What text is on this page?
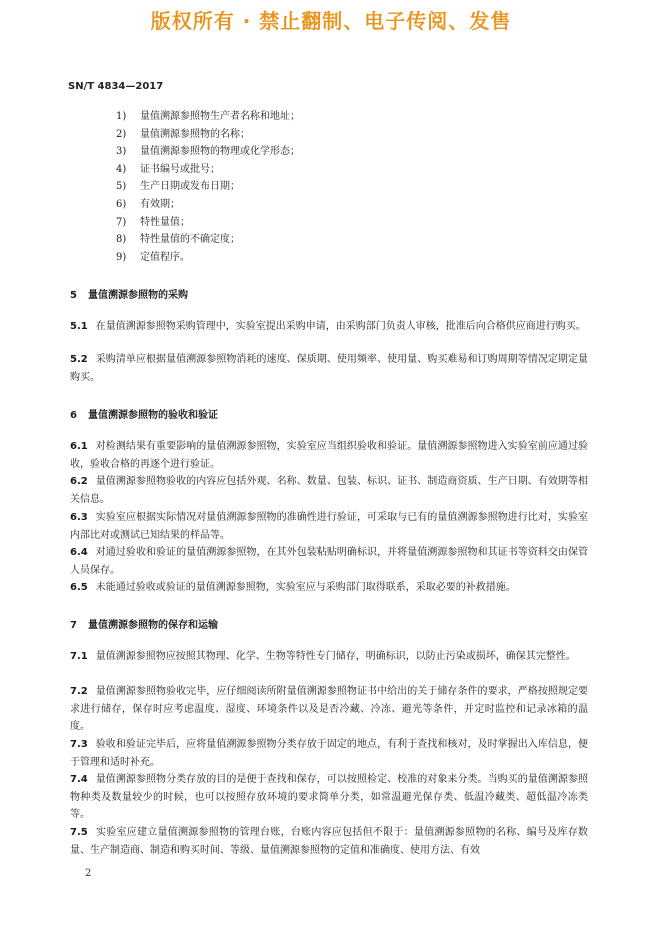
版权所有 · 禁止翻制、电子传阅、发售
SN/T 4834—2017
1)	量值溯源参照物生产者名称和地址；
2)	量值溯源参照物的名称；
3)	量值溯源参照物的物理或化学形态；
4)	证书编号或批号；
5)	生产日期或发布日期；
6)	有效期；
7)	特性量值；
8)	特性量值的不确定度；
9)	定值程序。
5 量值溯源参照物的采购
5.1 在量值溯源参照物采购管理中，实验室提出采购申请，由采购部门负责人审核，批准后向合格供应商进行购买。
5.2 采购清单应根据量值溯源参照物消耗的速度、保质期、使用频率、使用量、购买难易和订购周期等情况定期定量购买。
6 量值溯源参照物的验收和验证
6.1 对检测结果有重要影响的量值溯源参照物，实验室应当组织验收和验证。量值溯源参照物进入实验室前应通过验收，验收合格的再逐个进行验证。
6.2 量值溯源参照物验收的内容应包括外观、名称、数量、包装、标识、证书、制造商资质、生产日期、有效期等相关信息。
6.3 实验室应根据实际情况对量值溯源参照物的准确性进行验证，可采取与已有的量值溯源参照物进行比对，实验室内部比对或测试已知结果的样品等。
6.4 对通过验收和验证的量值溯源参照物，在其外包装粘贴明确标识，并将量值溯源参照物和其证书等资料交由保管人员保存。
6.5 未能通过验收或验证的量值溯源参照物，实验室应与采购部门取得联系，采取必要的补救措施。
7 量值溯源参照物的保存和运输
7.1 量值溯源参照物应按照其物理、化学、生物等特性专门储存，明确标识，以防止污染或损坏，确保其完整性。
7.2 量值溯源参照物验收完毕，应仔细阅读所附量值溯源参照物证书中给出的关于储存条件的要求，严格按照规定要求进行储存，保存时应考虑温度、湿度、环境条件以及是否冷藏、冷冻、避光等条件，并定时监控和记录冰箱的温度。
7.3 验收和验证完毕后，应将量值溯源参照物分类存放于固定的地点，有利于查找和核对，及时掌握出入库信息，便于管理和适时补充。
7.4 量值溯源参照物分类存放的目的是便于查找和保存，可以按照检定、校准的对象来分类。当购买的量值溯源参照物种类及数量较少的时候，也可以按照存放环境的要求简单分类，如常温避光保存类、低温冷藏类、超低温冷冻类等。
7.5 实验室应建立量值溯源参照物的管理台账，台账内容应包括但不限于：量值溯源参照物的名称、编号及库存数量、生产制造商、制造和购买时间、等级、量值溯源参照物的定值和准确度、使用方法、有效
2
